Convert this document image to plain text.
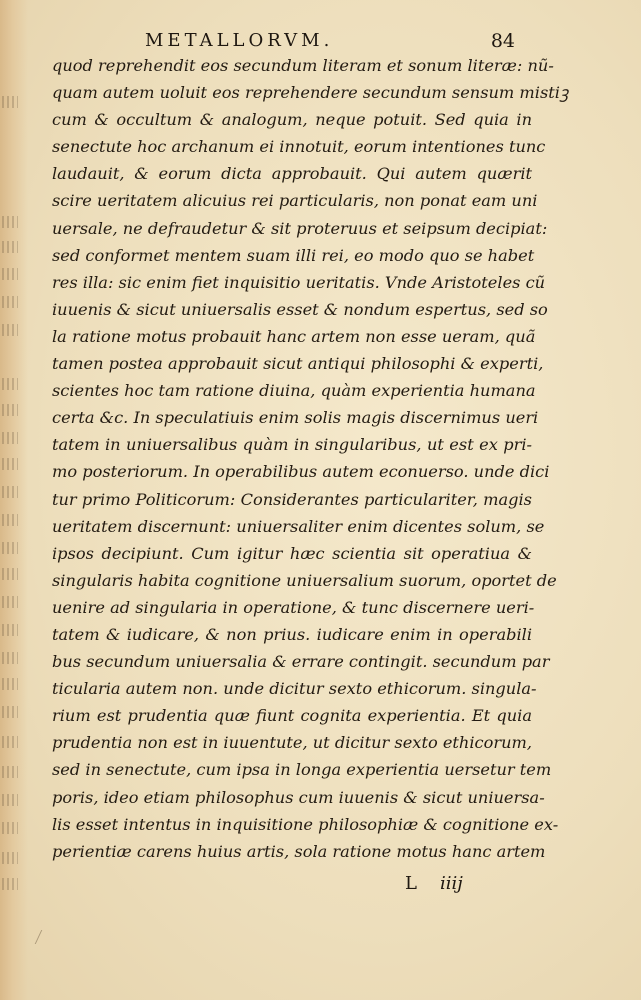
METALLORVM.	84
quod reprehendit eos secundum literam et sonum literæ: nũ-
quam autem uoluit eos reprehendere secundum sensum mistiꝫ
cum & occultum & analogum, neque potuit. Sed quia in
senectute hoc archanum ei innotuit, eorum intentiones tunc
laudauit, & eorum dicta approbauit. Qui autem quærit
scire ueritatem alicuius rei particularis, non ponat eam uni
uersale, ne defraudetur & sit proteruus et seipsum decipiat:
sed conformet mentem suam illi rei, eo modo quo se habet
res illa: sic enim fiet inquisitio ueritatis. Vnde Aristoteles cũ
iuuenis & sicut uniuersalis esset & nondum espertus, sed so
la ratione motus probauit hanc artem non esse ueram, quã
tamen postea approbauit sicut antiqui philosophi & experti,
scientes hoc tam ratione diuina, quàm experientia humana
certa &c. In speculatiuis enim solis magis discernimus ueri
tatem in uniuersalibus quàm in singularibus, ut est ex pri-
mo posteriorum. In operabilibus autem econuerso. unde dici
tur primo Politicorum: Considerantes particulariter, magis
ueritatem discernunt: uniuersaliter enim dicentes solum, se
ipsos decipiunt. Cum igitur hæc scientia sit operatiua &
singularis habita cognitione uniuersalium suorum, oportet de
uenire ad singularia in operatione, & tunc discernere ueri-
tatem & iudicare, & non prius. iudicare enim in operabili
bus secundum uniuersalia & errare contingit. secundum par
ticularia autem non. unde dicitur sexto ethicorum. singula-
rium est prudentia quæ fiunt cognita experientia. Et quia
prudentia non est in iuuentute, ut dicitur sexto ethicorum,
sed in senectute, cum ipsa in longa experientia uersetur tem
poris, ideo etiam philosophus cum iuuenis & sicut uniuersa-
lis esset intentus in inquisitione philosophiæ & cognitione ex-
perientiæ carens huius artis, sola ratione motus hanc artem
L iiij
